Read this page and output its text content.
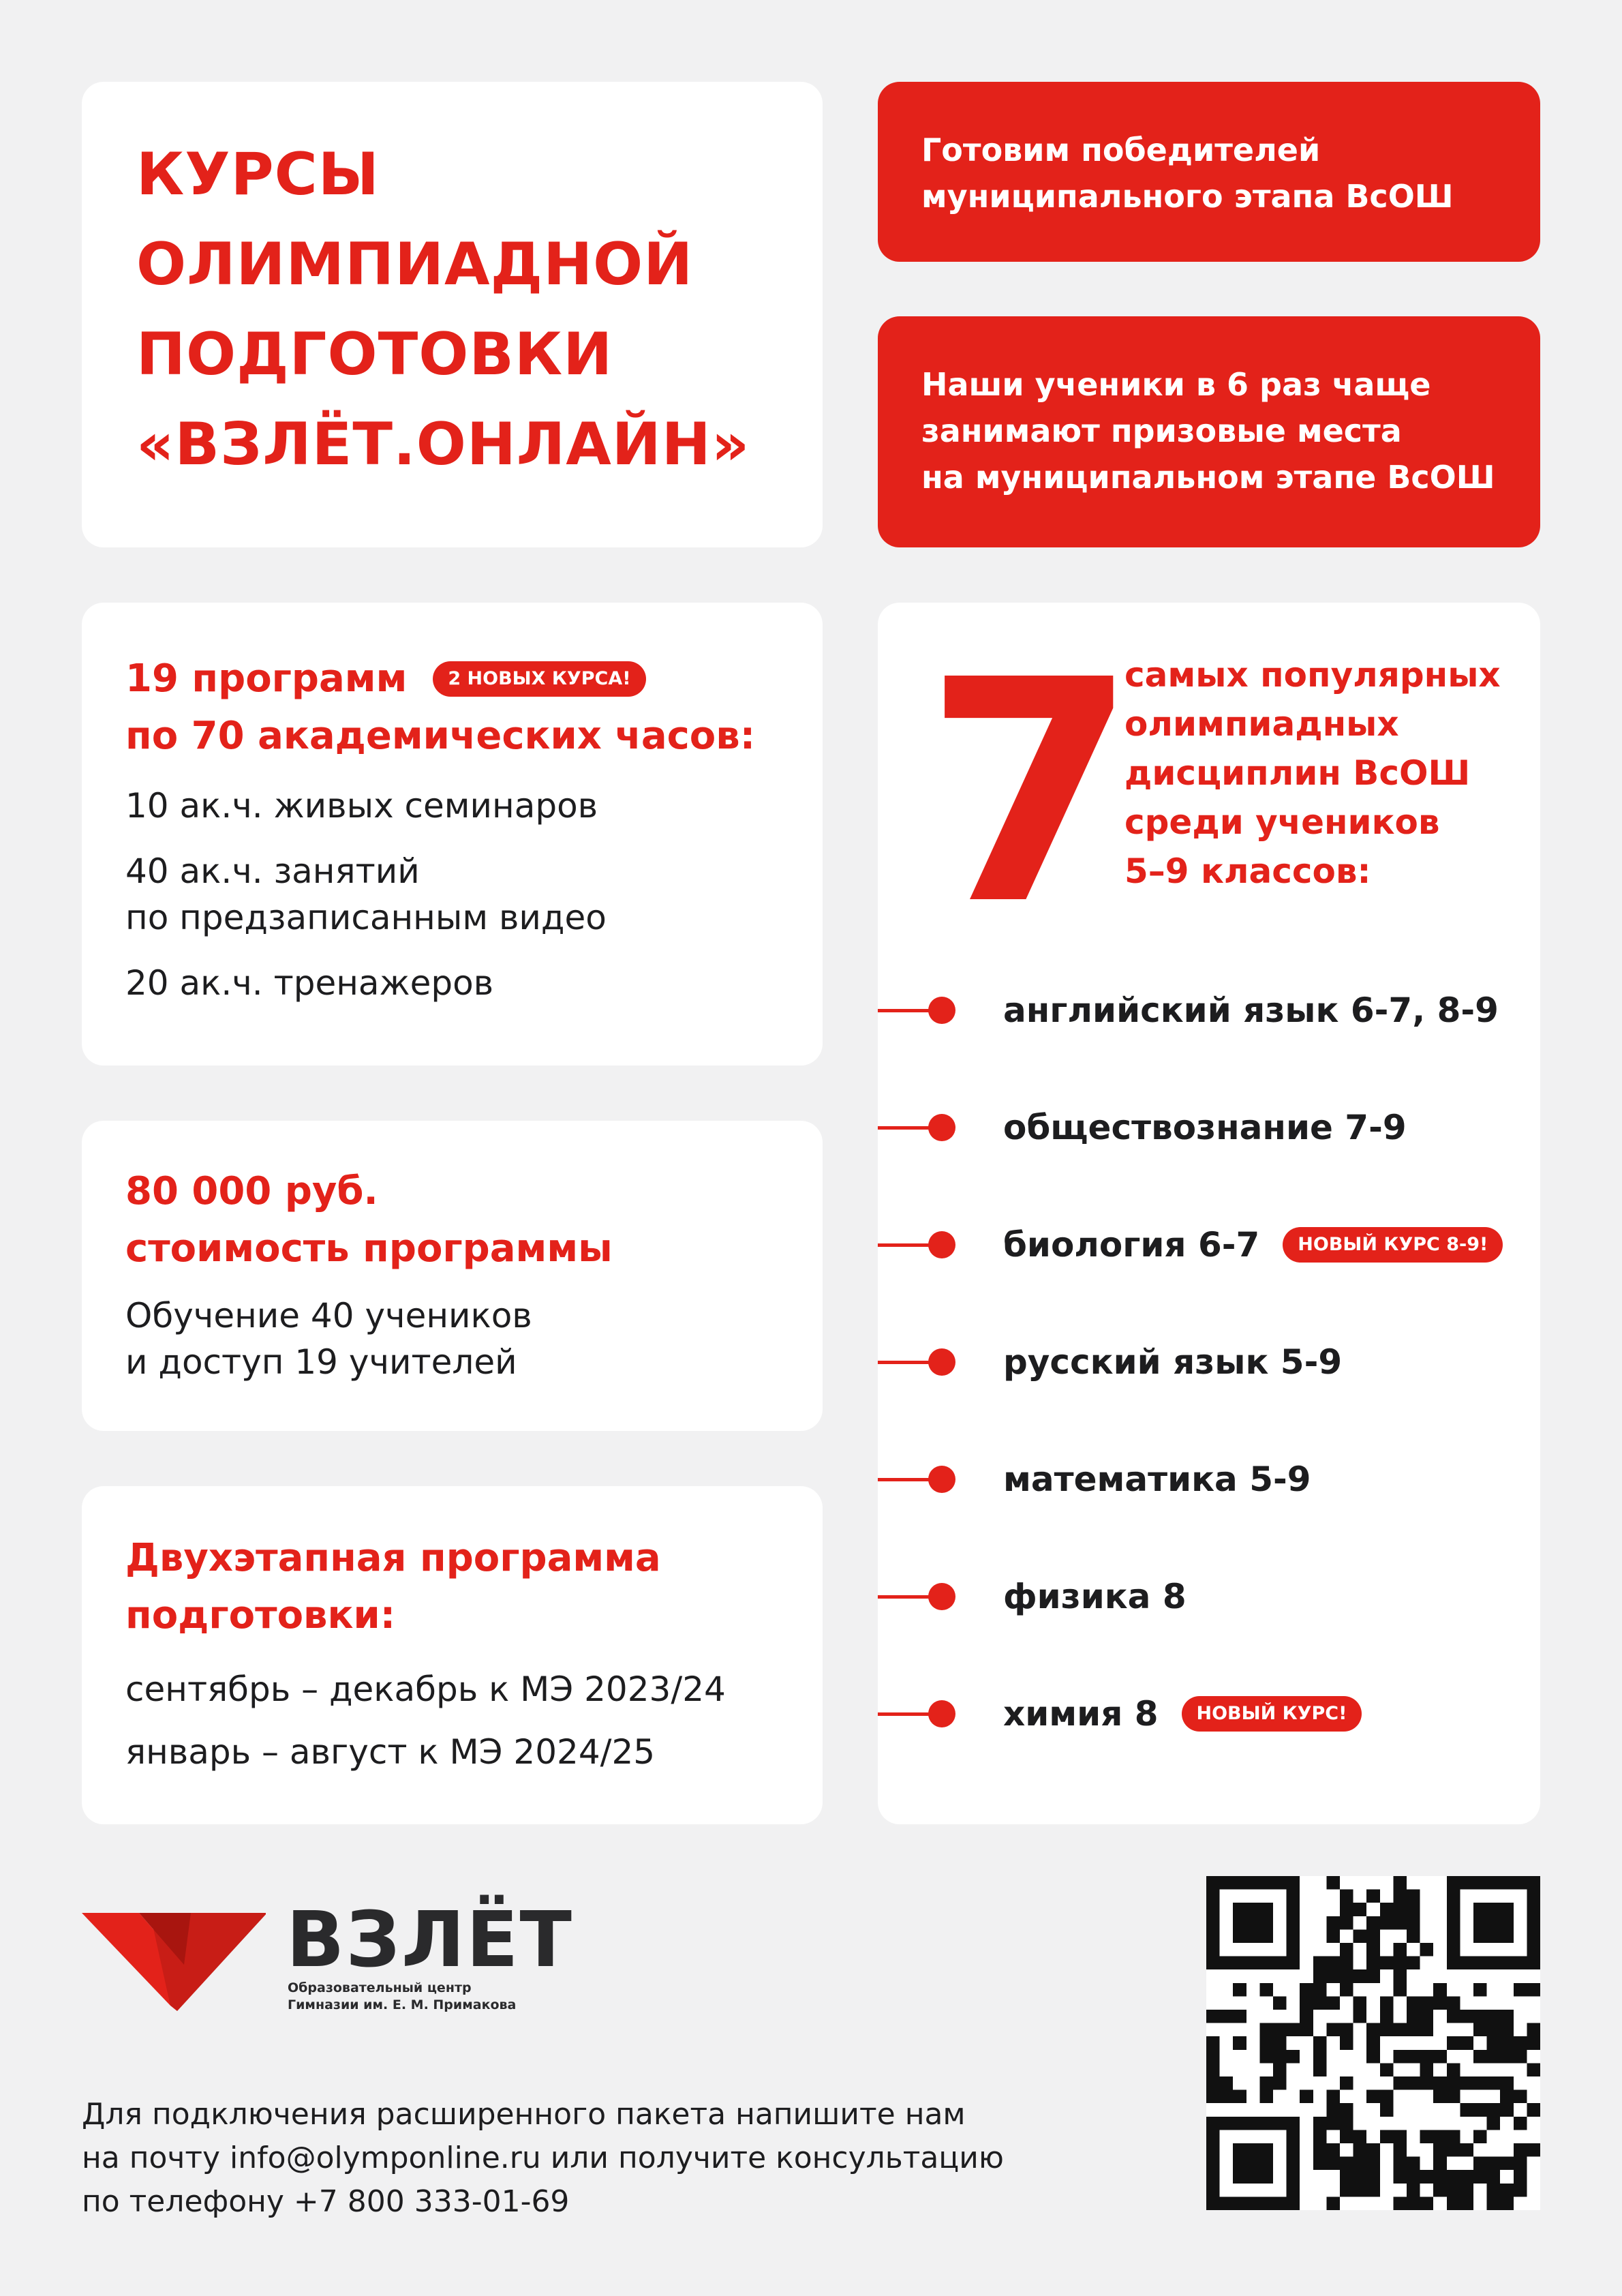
КУРСЫ
ОЛИМПИАДНОЙ
ПОДГОТОВКИ
«ВЗЛЁТ.ОНЛАЙН»
Готовим победителей
муниципального этапа ВсОШ
Наши ученики в 6 раз чаще
занимают призовые места
на муниципальном этапе ВсОШ
19 программ	2 НОВЫХ КУРСА!
по 70 академических часов:
10 ак.ч. живых семинаров
40 ак.ч. занятий
по предзаписанным видео
20 ак.ч. тренажеров
80 000 руб.
стоимость программы
Обучение 40 учеников
и доступ 19 учителей
Двухэтапная программа
подготовки:
сентябрь – декабрь к МЭ 2023/24
январь – август к МЭ 2024/25
7
самых популярных
олимпиадных
дисциплин ВсОШ
среди учеников
5–9 классов:
английский язык 6-7, 8-9
обществознание 7-9
биология 6-7	НОВЫЙ КУРС 8-9!
русский язык 5-9
математика 5-9
физика 8
химия 8	НОВЫЙ КУРС!
ВЗЛЁТ
Образовательный центр
Гимназии им. Е. М. Примакова
Для подключения расширенного пакета напишите нам
на почту info@olymponline.ru или получите консультацию
по телефону +7 800 333-01-69
